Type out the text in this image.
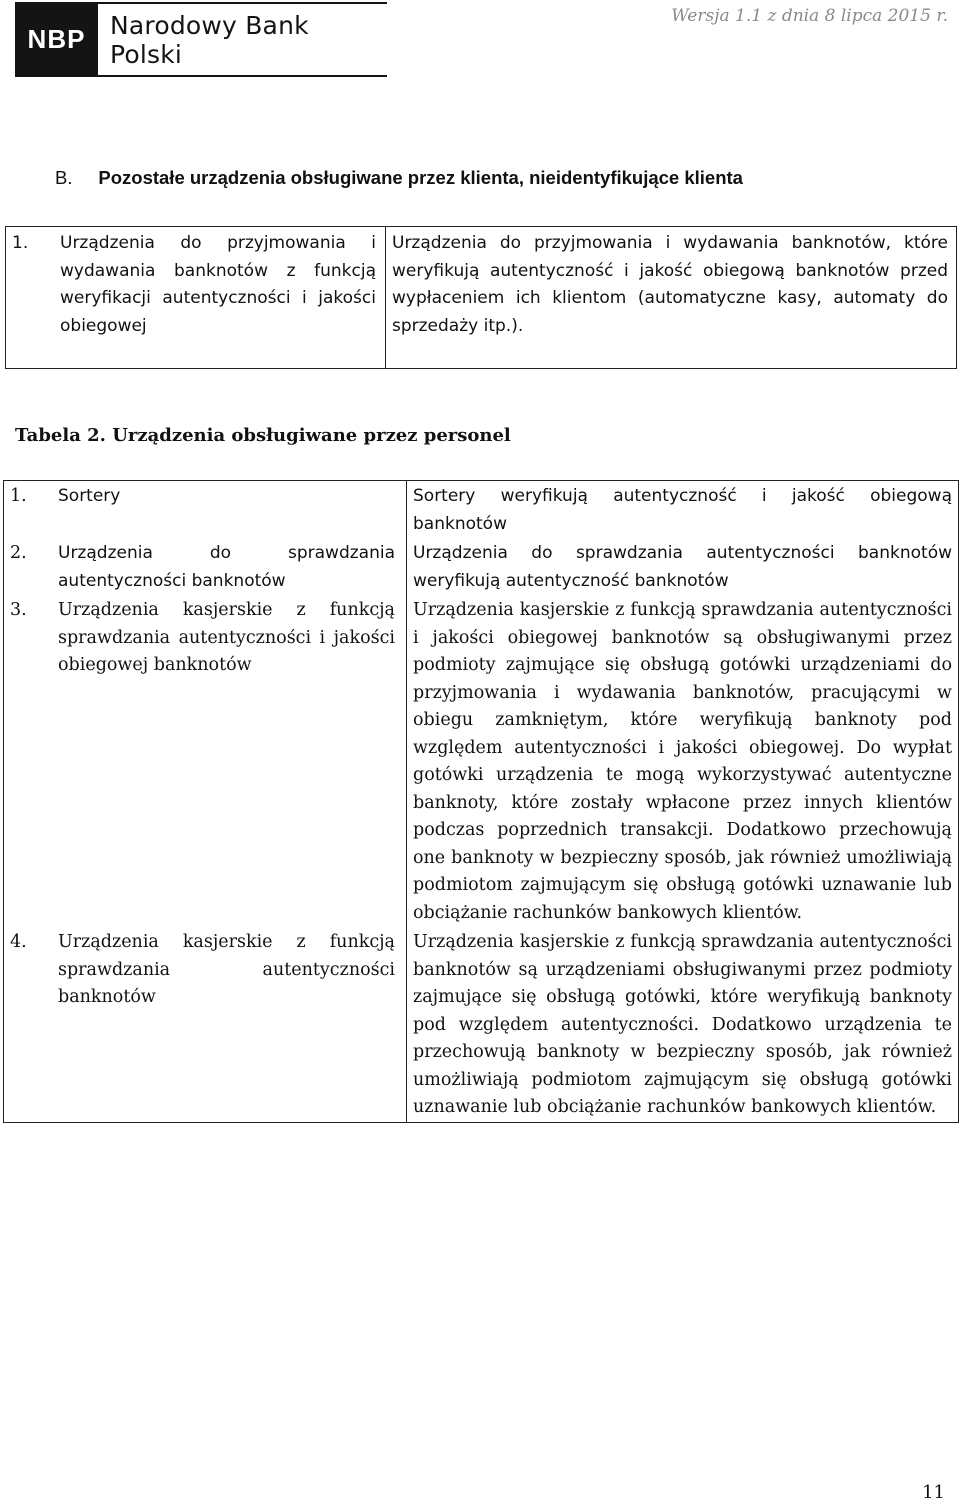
NBP Narodowy Bank Polski
Wersja 1.1 z dnia 8 lipca 2015 r.
B. Pozostałe urządzenia obsługiwane przez klienta, nieidentyfikujące klienta
1. Urządzenia do przyjmowania i wydawania banknotów z funkcją weryfikacji autentyczności i jakości obiegowej	Urządzenia do przyjmowania i wydawania banknotów, które weryfikują autentyczność i jakość obiegową banknotów przed wypłaceniem ich klientom (automatyczne kasy, automaty do sprzedaży itp.).
Tabela 2. Urządzenia obsługiwane przez personel
1. Sortery	Sortery weryfikują autentyczność i jakość obiegową banknotów
2. Urządzenia do sprawdzania autentyczności banknotów	Urządzenia do sprawdzania autentyczności banknotów weryfikują autentyczność banknotów
3. Urządzenia kasjerskie z funkcją sprawdzania autentyczności i jakości obiegowej banknotów	Urządzenia kasjerskie z funkcją sprawdzania autentyczności i jakości obiegowej banknotów są obsługiwanymi przez podmioty zajmujące się obsługą gotówki urządzeniami do przyjmowania i wydawania banknotów, pracującymi w obiegu zamkniętym, które weryfikują banknoty pod względem autentyczności i jakości obiegowej. Do wypłat gotówki urządzenia te mogą wykorzystywać autentyczne banknoty, które zostały wpłacone przez innych klientów podczas poprzednich transakcji. Dodatkowo przechowują one banknoty w bezpieczny sposób, jak również umożliwiają podmiotom zajmującym się obsługą gotówki uznawanie lub obciążanie rachunków bankowych klientów.
4. Urządzenia kasjerskie z funkcją sprawdzania autentyczności banknotów	Urządzenia kasjerskie z funkcją sprawdzania autentyczności banknotów są urządzeniami obsługiwanymi przez podmioty zajmujące się obsługą gotówki, które weryfikują banknoty pod względem autentyczności. Dodatkowo urządzenia te przechowują banknoty w bezpieczny sposób, jak również umożliwiają podmiotom zajmującym się obsługą gotówki uznawanie lub obciążanie rachunków bankowych klientów.
11
